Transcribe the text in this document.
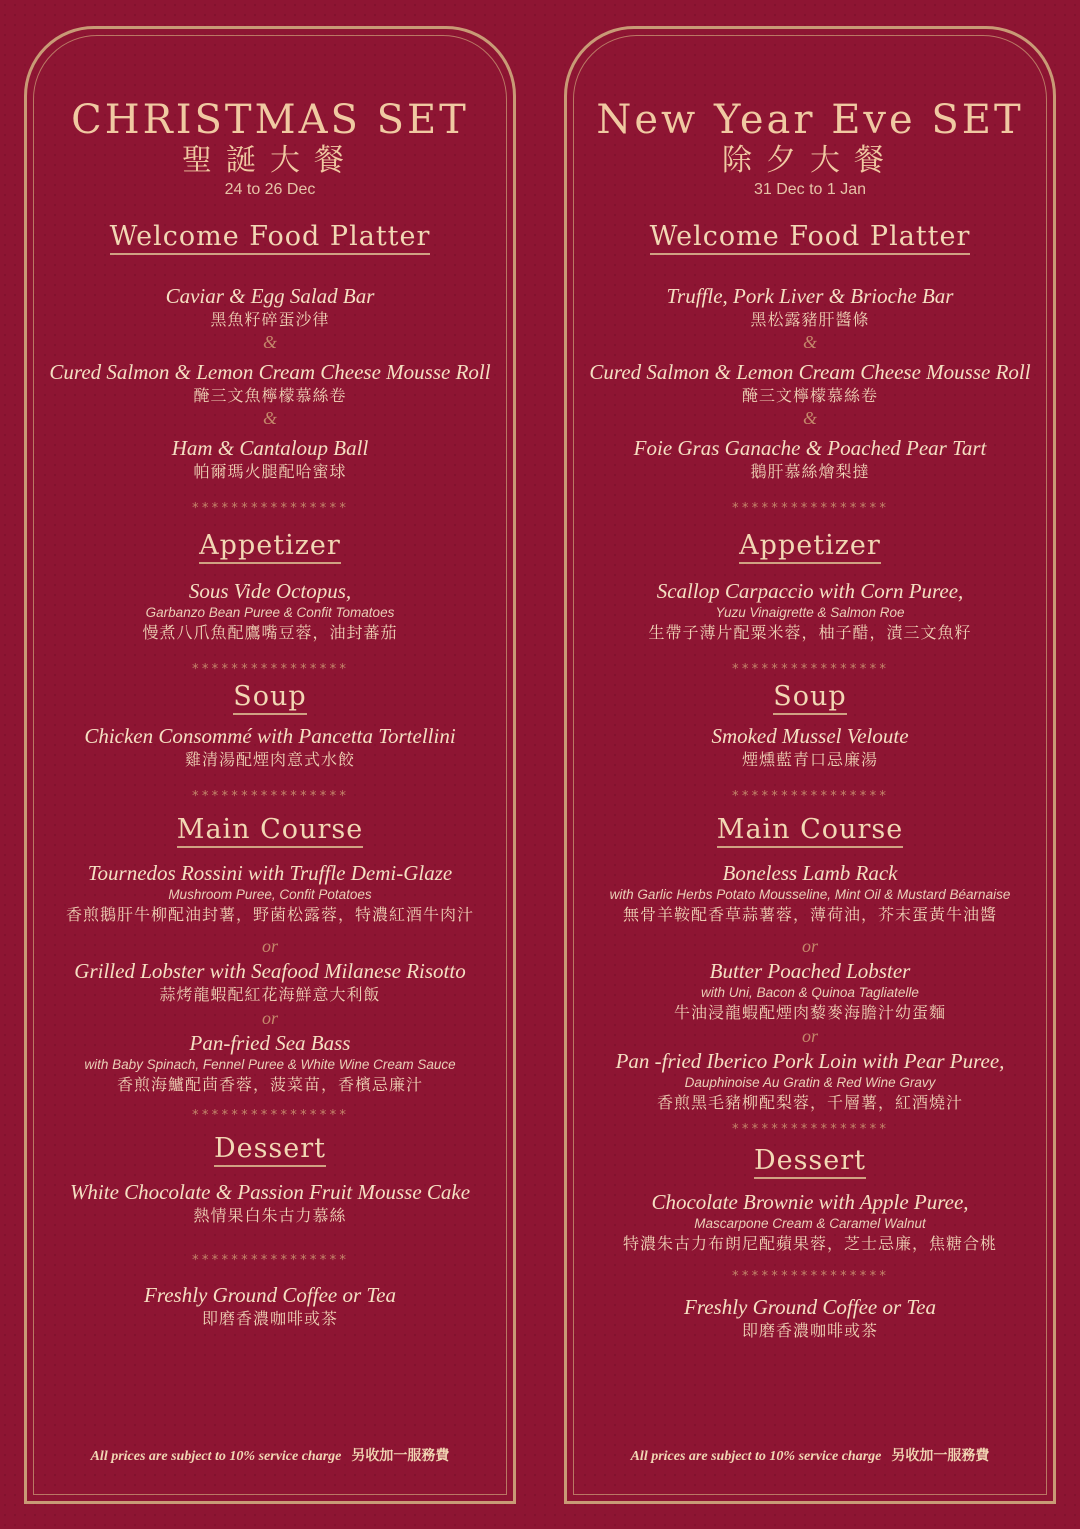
CHRISTMAS SET
聖誕大餐
24 to 26 Dec
Welcome Food Platter
Caviar & Egg Salad Bar
黑魚籽碎蛋沙律
&
Cured Salmon & Lemon Cream Cheese Mousse Roll
醃三文魚檸檬慕絲卷
&
Ham & Cantaloup Ball
帕爾瑪火腿配哈蜜球
****************
Appetizer
Sous Vide Octopus,
Garbanzo Bean Puree & Confit Tomatoes
慢煮八爪魚配鷹嘴豆蓉，油封蕃茄
****************
Soup
Chicken Consommé with Pancetta Tortellini
雞清湯配煙肉意式水餃
****************
Main Course
Tournedos Rossini with Truffle Demi-Glaze
Mushroom Puree, Confit Potatoes
香煎鵝肝牛柳配油封薯，野菌松露蓉，特濃紅酒牛肉汁
or
Grilled Lobster with Seafood Milanese Risotto
蒜烤龍蝦配紅花海鮮意大利飯
or
Pan-fried Sea Bass
with Baby Spinach, Fennel Puree & White Wine Cream Sauce
香煎海鱸配茴香蓉，菠菜苗，香檳忌廉汁
****************
Dessert
White Chocolate & Passion Fruit Mousse Cake
熱情果白朱古力慕絲
****************
Freshly Ground Coffee or Tea
即磨香濃咖啡或茶
All prices are subject to 10% service charge 另收加一服務費
New Year Eve SET
除夕大餐
31 Dec to 1 Jan
Welcome Food Platter
Truffle, Pork Liver & Brioche Bar
黑松露豬肝醬條
&
Cured Salmon & Lemon Cream Cheese Mousse Roll
醃三文檸檬慕絲卷
&
Foie Gras Ganache & Poached Pear Tart
鵝肝慕絲燴梨撻
****************
Appetizer
Scallop Carpaccio with Corn Puree,
Yuzu Vinaigrette & Salmon Roe
生帶子薄片配粟米蓉，柚子醋，漬三文魚籽
****************
Soup
Smoked Mussel Veloute
煙燻藍青口忌廉湯
****************
Main Course
Boneless Lamb Rack
with Garlic Herbs Potato Mousseline, Mint Oil & Mustard Béarnaise
無骨羊鞍配香草蒜薯蓉，薄荷油，芥末蛋黃牛油醬
or
Butter Poached Lobster
with Uni, Bacon & Quinoa Tagliatelle
牛油浸龍蝦配煙肉藜麥海膽汁幼蛋麵
or
Pan -fried Iberico Pork Loin with Pear Puree,
Dauphinoise Au Gratin & Red Wine Gravy
香煎黑毛豬柳配梨蓉，千層薯，紅酒燒汁
****************
Dessert
Chocolate Brownie with Apple Puree,
Mascarpone Cream & Caramel Walnut
特濃朱古力布朗尼配蘋果蓉，芝士忌廉，焦糖合桃
****************
Freshly Ground Coffee or Tea
即磨香濃咖啡或茶
All prices are subject to 10% service charge 另收加一服務費
